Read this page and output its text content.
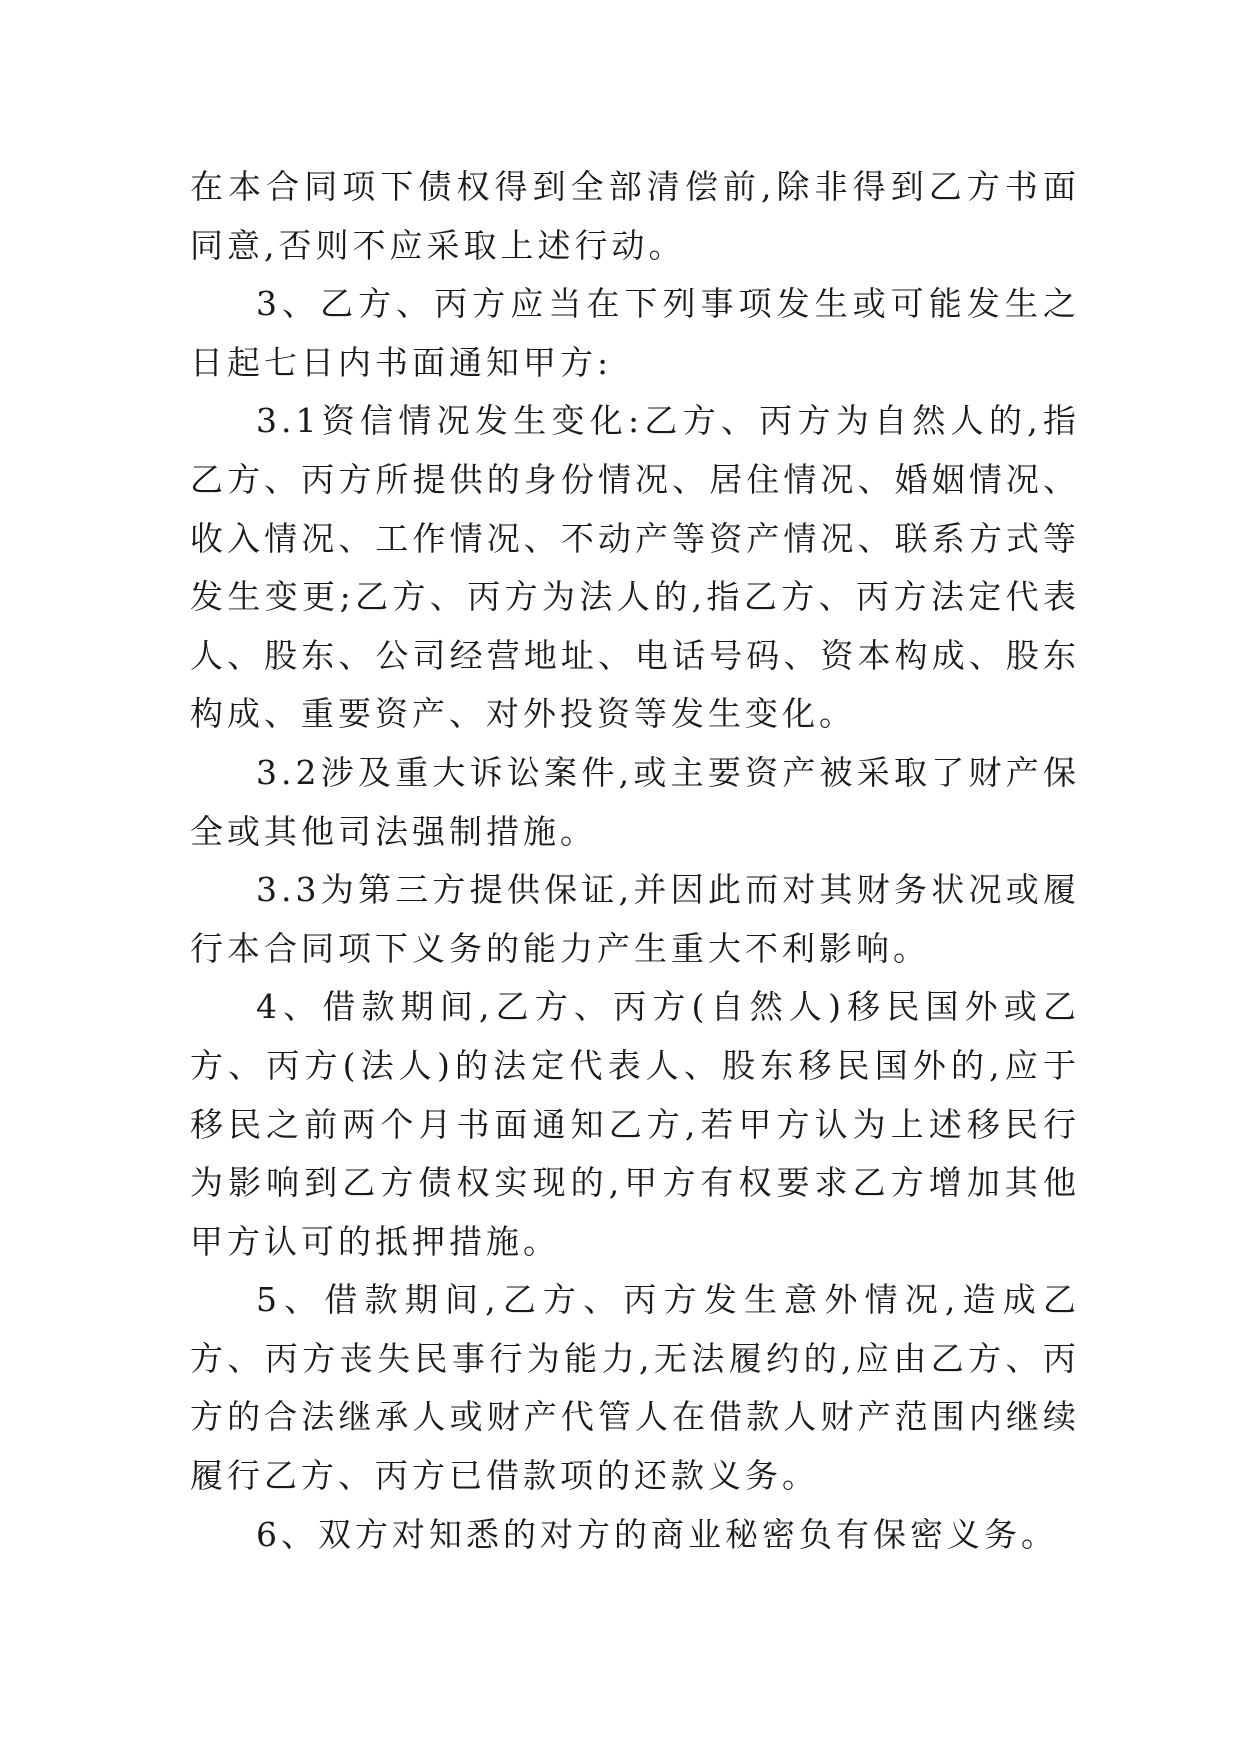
在本合同项下债权得到全部清偿前,除非得到乙方书面同意,否则不应采取上述行动。

3、乙方、丙方应当在下列事项发生或可能发生之日起七日内书面通知甲方:

3.1资信情况发生变化:乙方、丙方为自然人的,指乙方、丙方所提供的身份情况、居住情况、婚姻情况、收入情况、工作情况、不动产等资产情况、联系方式等发生变更;乙方、丙方为法人的,指乙方、丙方法定代表人、股东、公司经营地址、电话号码、资本构成、股东构成、重要资产、对外投资等发生变化。

3.2涉及重大诉讼案件,或主要资产被采取了财产保全或其他司法强制措施。

3.3为第三方提供保证,并因此而对其财务状况或履行本合同项下义务的能力产生重大不利影响。

4、借款期间,乙方、丙方(自然人)移民国外或乙方、丙方(法人)的法定代表人、股东移民国外的,应于移民之前两个月书面通知乙方,若甲方认为上述移民行为影响到乙方债权实现的,甲方有权要求乙方增加其他甲方认可的抵押措施。

5、借款期间,乙方、丙方发生意外情况,造成乙方、丙方丧失民事行为能力,无法履约的,应由乙方、丙方的合法继承人或财产代管人在借款人财产范围内继续履行乙方、丙方已借款项的还款义务。

6、双方对知悉的对方的商业秘密负有保密义务。
